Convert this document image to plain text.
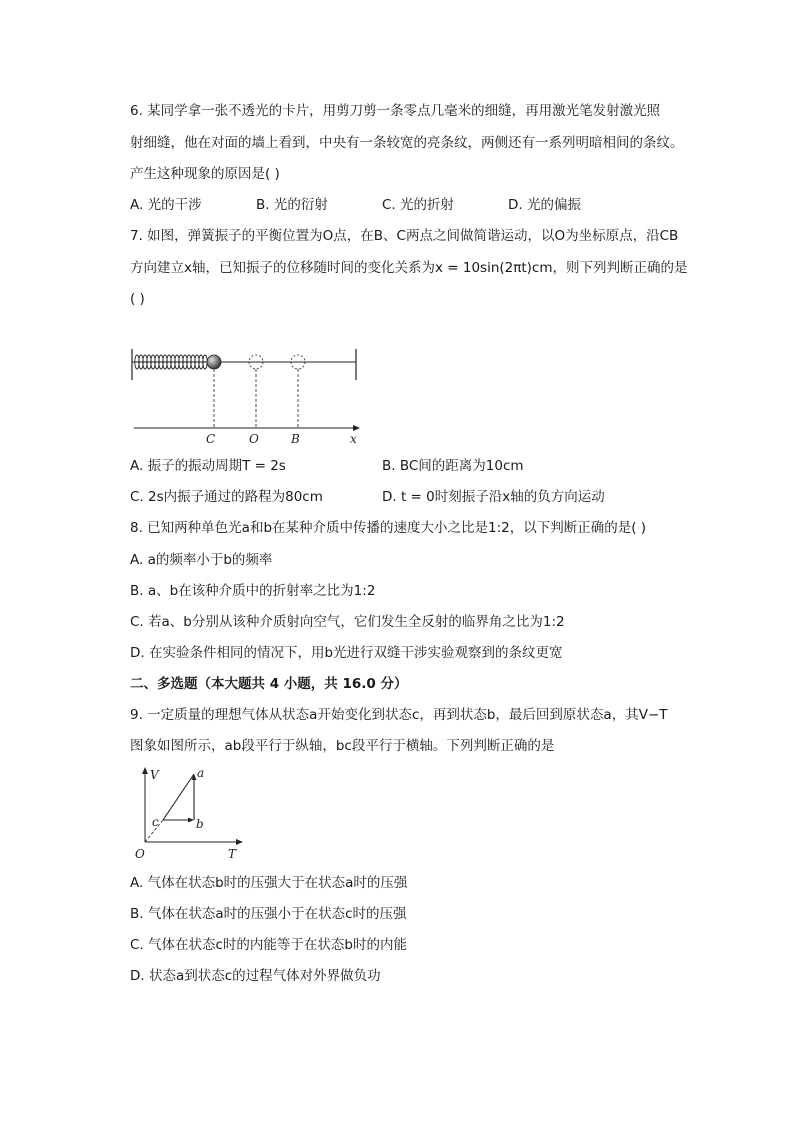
6. 某同学拿一张不透光的卡片，用剪刀剪一条零点几毫米的细缝，再用激光笔发射激光照
射细缝，他在对面的墙上看到，中央有一条较宽的亮条纹，两侧还有一系列明暗相间的条纹。
产生这种现象的原因是( )
A. 光的干涉	B. 光的衍射	C. 光的折射	D. 光的偏振
7. 如图，弹簧振子的平衡位置为O点，在B、C两点之间做简谐运动，以O为坐标原点，沿CB
方向建立x轴，已知振子的位移随时间的变化关系为x = 10sin(2πt)cm，则下列判断正确的是
( )
C	O	B	x
A. 振子的振动周期T = 2s	B. BC间的距离为10cm
C. 2s内振子通过的路程为80cm	D. t = 0时刻振子沿x轴的负方向运动
8. 已知两种单色光a和b在某种介质中传播的速度大小之比是1:2，以下判断正确的是( )
A. a的频率小于b的频率
B. a、b在该种介质中的折射率之比为1:2
C. 若a、b分别从该种介质射向空气，它们发生全反射的临界角之比为1:2
D. 在实验条件相同的情况下，用b光进行双缝干涉实验观察到的条纹更宽
二、多选题（本大题共 4 小题，共 16.0 分）
9. 一定质量的理想气体从状态a开始变化到状态c，再到状态b，最后回到原状态a，其V−T
图象如图所示，ab段平行于纵轴，bc段平行于横轴。下列判断正确的是
V	a
c	b
O	T
A. 气体在状态b时的压强大于在状态a时的压强
B. 气体在状态a时的压强小于在状态c时的压强
C. 气体在状态c时的内能等于在状态b时的内能
D. 状态a到状态c的过程气体对外界做负功
